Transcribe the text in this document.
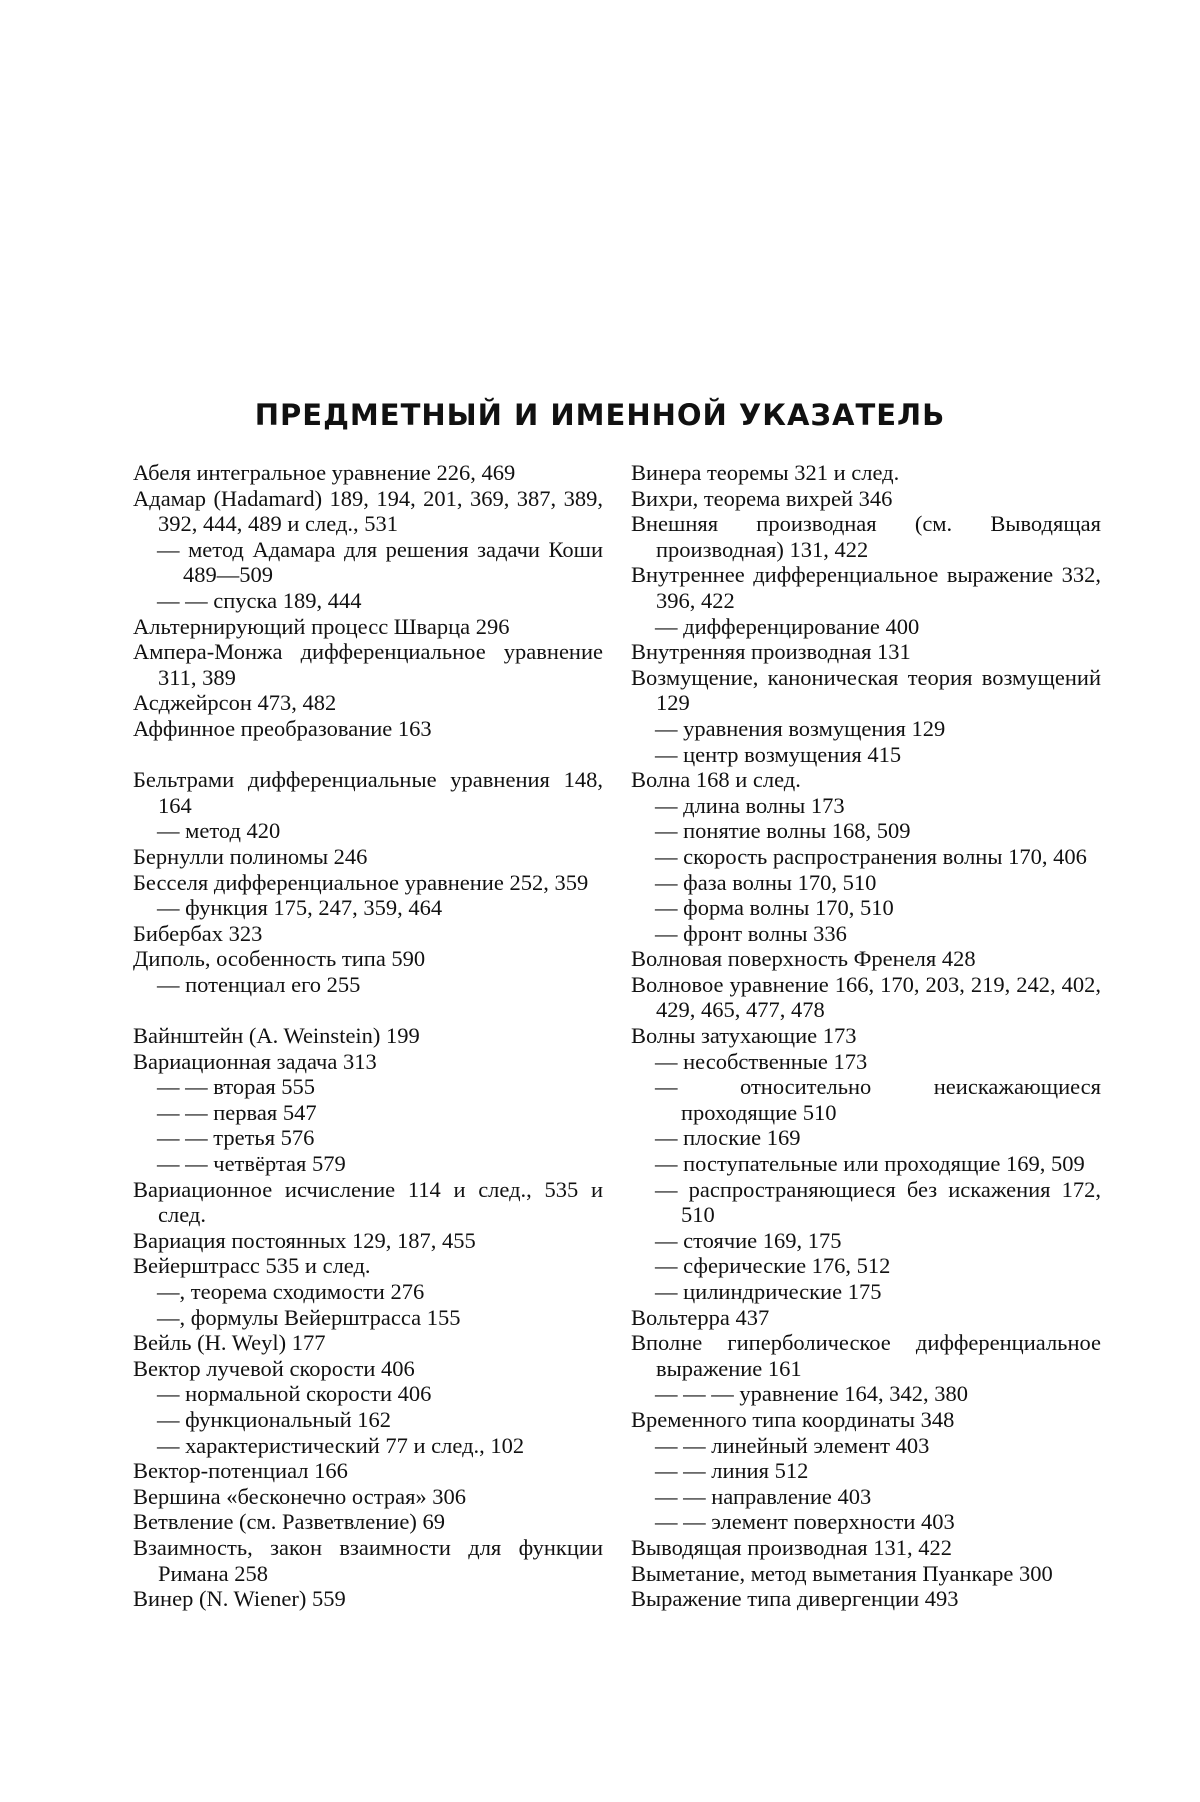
ПРЕДМЕТНЫЙ И ИМЕННОЙ УКАЗАТЕЛЬ

Абеля интегральное уравнение 226, 469

Адамар (Hadamard) 189, 194, 201, 369, 387, 389, 392, 444, 489 и след., 531

— метод Адамара для решения задачи Коши 489—509

— — спуска 189, 444

Альтернирующий процесс Шварца 296

Ампера-Монжа дифференциальное уравнение 311, 389

Асджейрсон 473, 482

Аффинное преобразование 163

Бельтрами дифференциальные уравнения 148, 164

— метод 420

Бернулли полиномы 246

Бесселя дифференциальное уравнение 252, 359

— функция 175, 247, 359, 464

Бибербах 323

Диполь, особенность типа 590

— потенциал его 255

Вайнштейн (A. Weinstein) 199

Вариационная задача 313

— — вторая 555

— — первая 547

— — третья 576

— — четвёртая 579

Вариационное исчисление 114 и след., 535 и след.

Вариация постоянных 129, 187, 455

Вейерштрасс 535 и след.

—, теорема сходимости 276

—, формулы Вейерштрасса 155

Вейль (H. Weyl) 177

Вектор лучевой скорости 406

— нормальной скорости 406

— функциональный 162

— характеристический 77 и след., 102

Вектор-потенциал 166

Вершина «бесконечно острая» 306

Ветвление (см. Разветвление) 69

Взаимность, закон взаимности для функции Римана 258

Винер (N. Wiener) 559

Винера теоремы 321 и след.

Вихри, теорема вихрей 346

Внешняя производная (см. Выводящая производная) 131, 422

Внутреннее дифференциальное выражение 332, 396, 422

— дифференцирование 400

Внутренняя производная 131

Возмущение, каноническая теория возмущений 129

— уравнения возмущения 129

— центр возмущения 415

Волна 168 и след.

— длина волны 173

— понятие волны 168, 509

— скорость распространения волны 170, 406

— фаза волны 170, 510

— форма волны 170, 510

— фронт волны 336

Волновая поверхность Френеля 428

Волновое уравнение 166, 170, 203, 219, 242, 402, 429, 465, 477, 478

Волны затухающие 173

— несобственные 173

— относительно неискажающиеся проходящие 510

— плоские 169

— поступательные или проходящие 169, 509

— распространяющиеся без искажения 172, 510

— стоячие 169, 175

— сферические 176, 512

— цилиндрические 175

Вольтерра 437

Вполне гиперболическое дифференциальное выражение 161

— — — уравнение 164, 342, 380

Временного типа координаты 348

— — линейный элемент 403

— — линия 512

— — направление 403

— — элемент поверхности 403

Выводящая производная 131, 422

Выметание, метод выметания Пуанкаре 300

Выражение типа дивергенции 493
